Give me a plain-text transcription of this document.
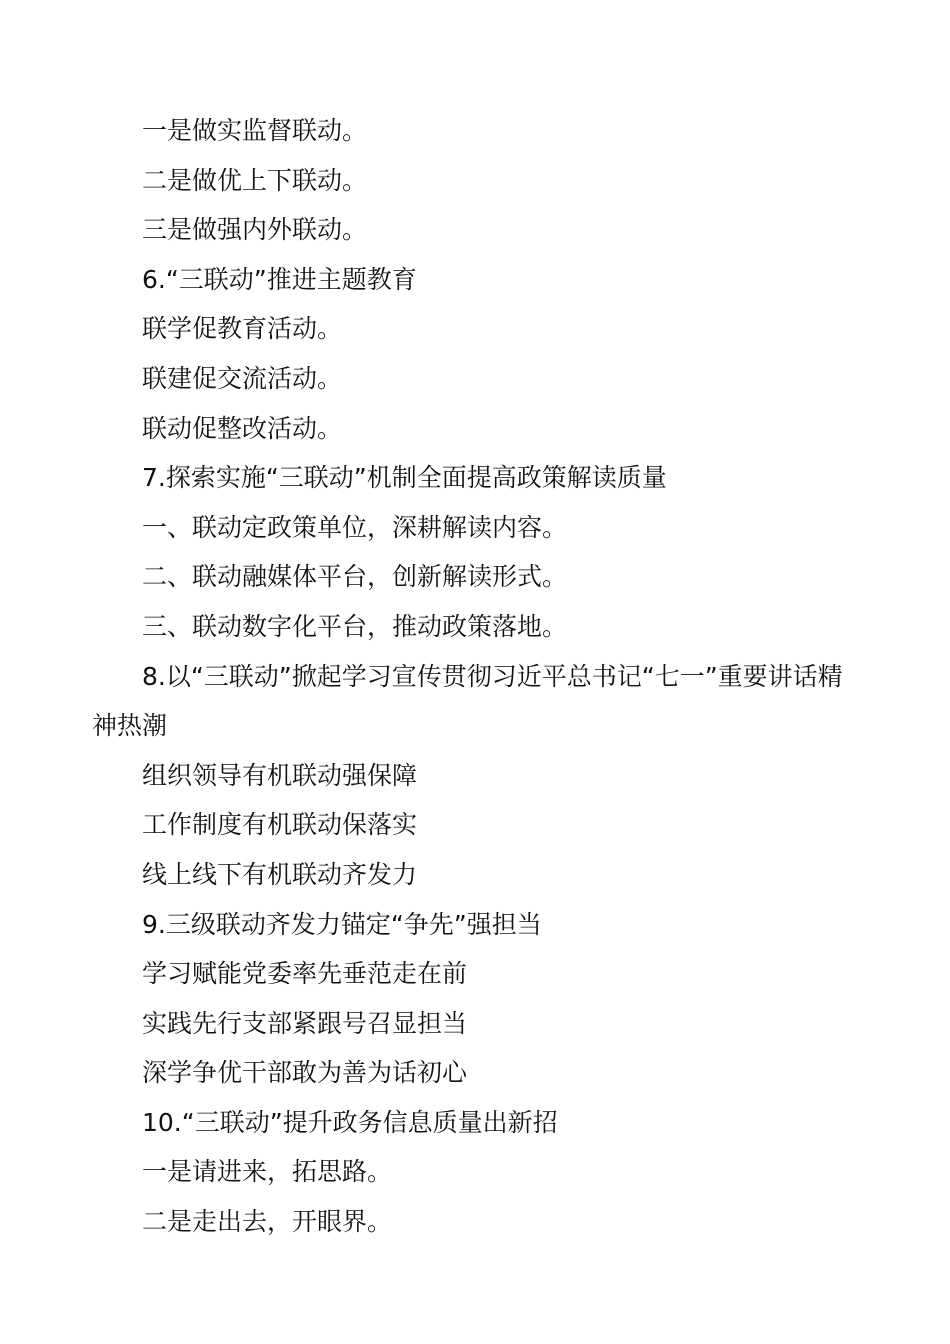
一是做实监督联动。

二是做优上下联动。

三是做强内外联动。

6.“三联动”推进主题教育

联学促教育活动。

联建促交流活动。

联动促整改活动。

7.探索实施“三联动”机制全面提高政策解读质量

一、联动定政策单位，深耕解读内容。

二、联动融媒体平台，创新解读形式。

三、联动数字化平台，推动政策落地。

8.以“三联动”掀起学习宣传贯彻习近平总书记“七一”重要讲话精神热潮

组织领导有机联动强保障

工作制度有机联动保落实

线上线下有机联动齐发力

9.三级联动齐发力锚定“争先”强担当

学习赋能党委率先垂范走在前

实践先行支部紧跟号召显担当

深学争优干部敢为善为话初心

10.“三联动”提升政务信息质量出新招

一是请进来，拓思路。

二是走出去，开眼界。
